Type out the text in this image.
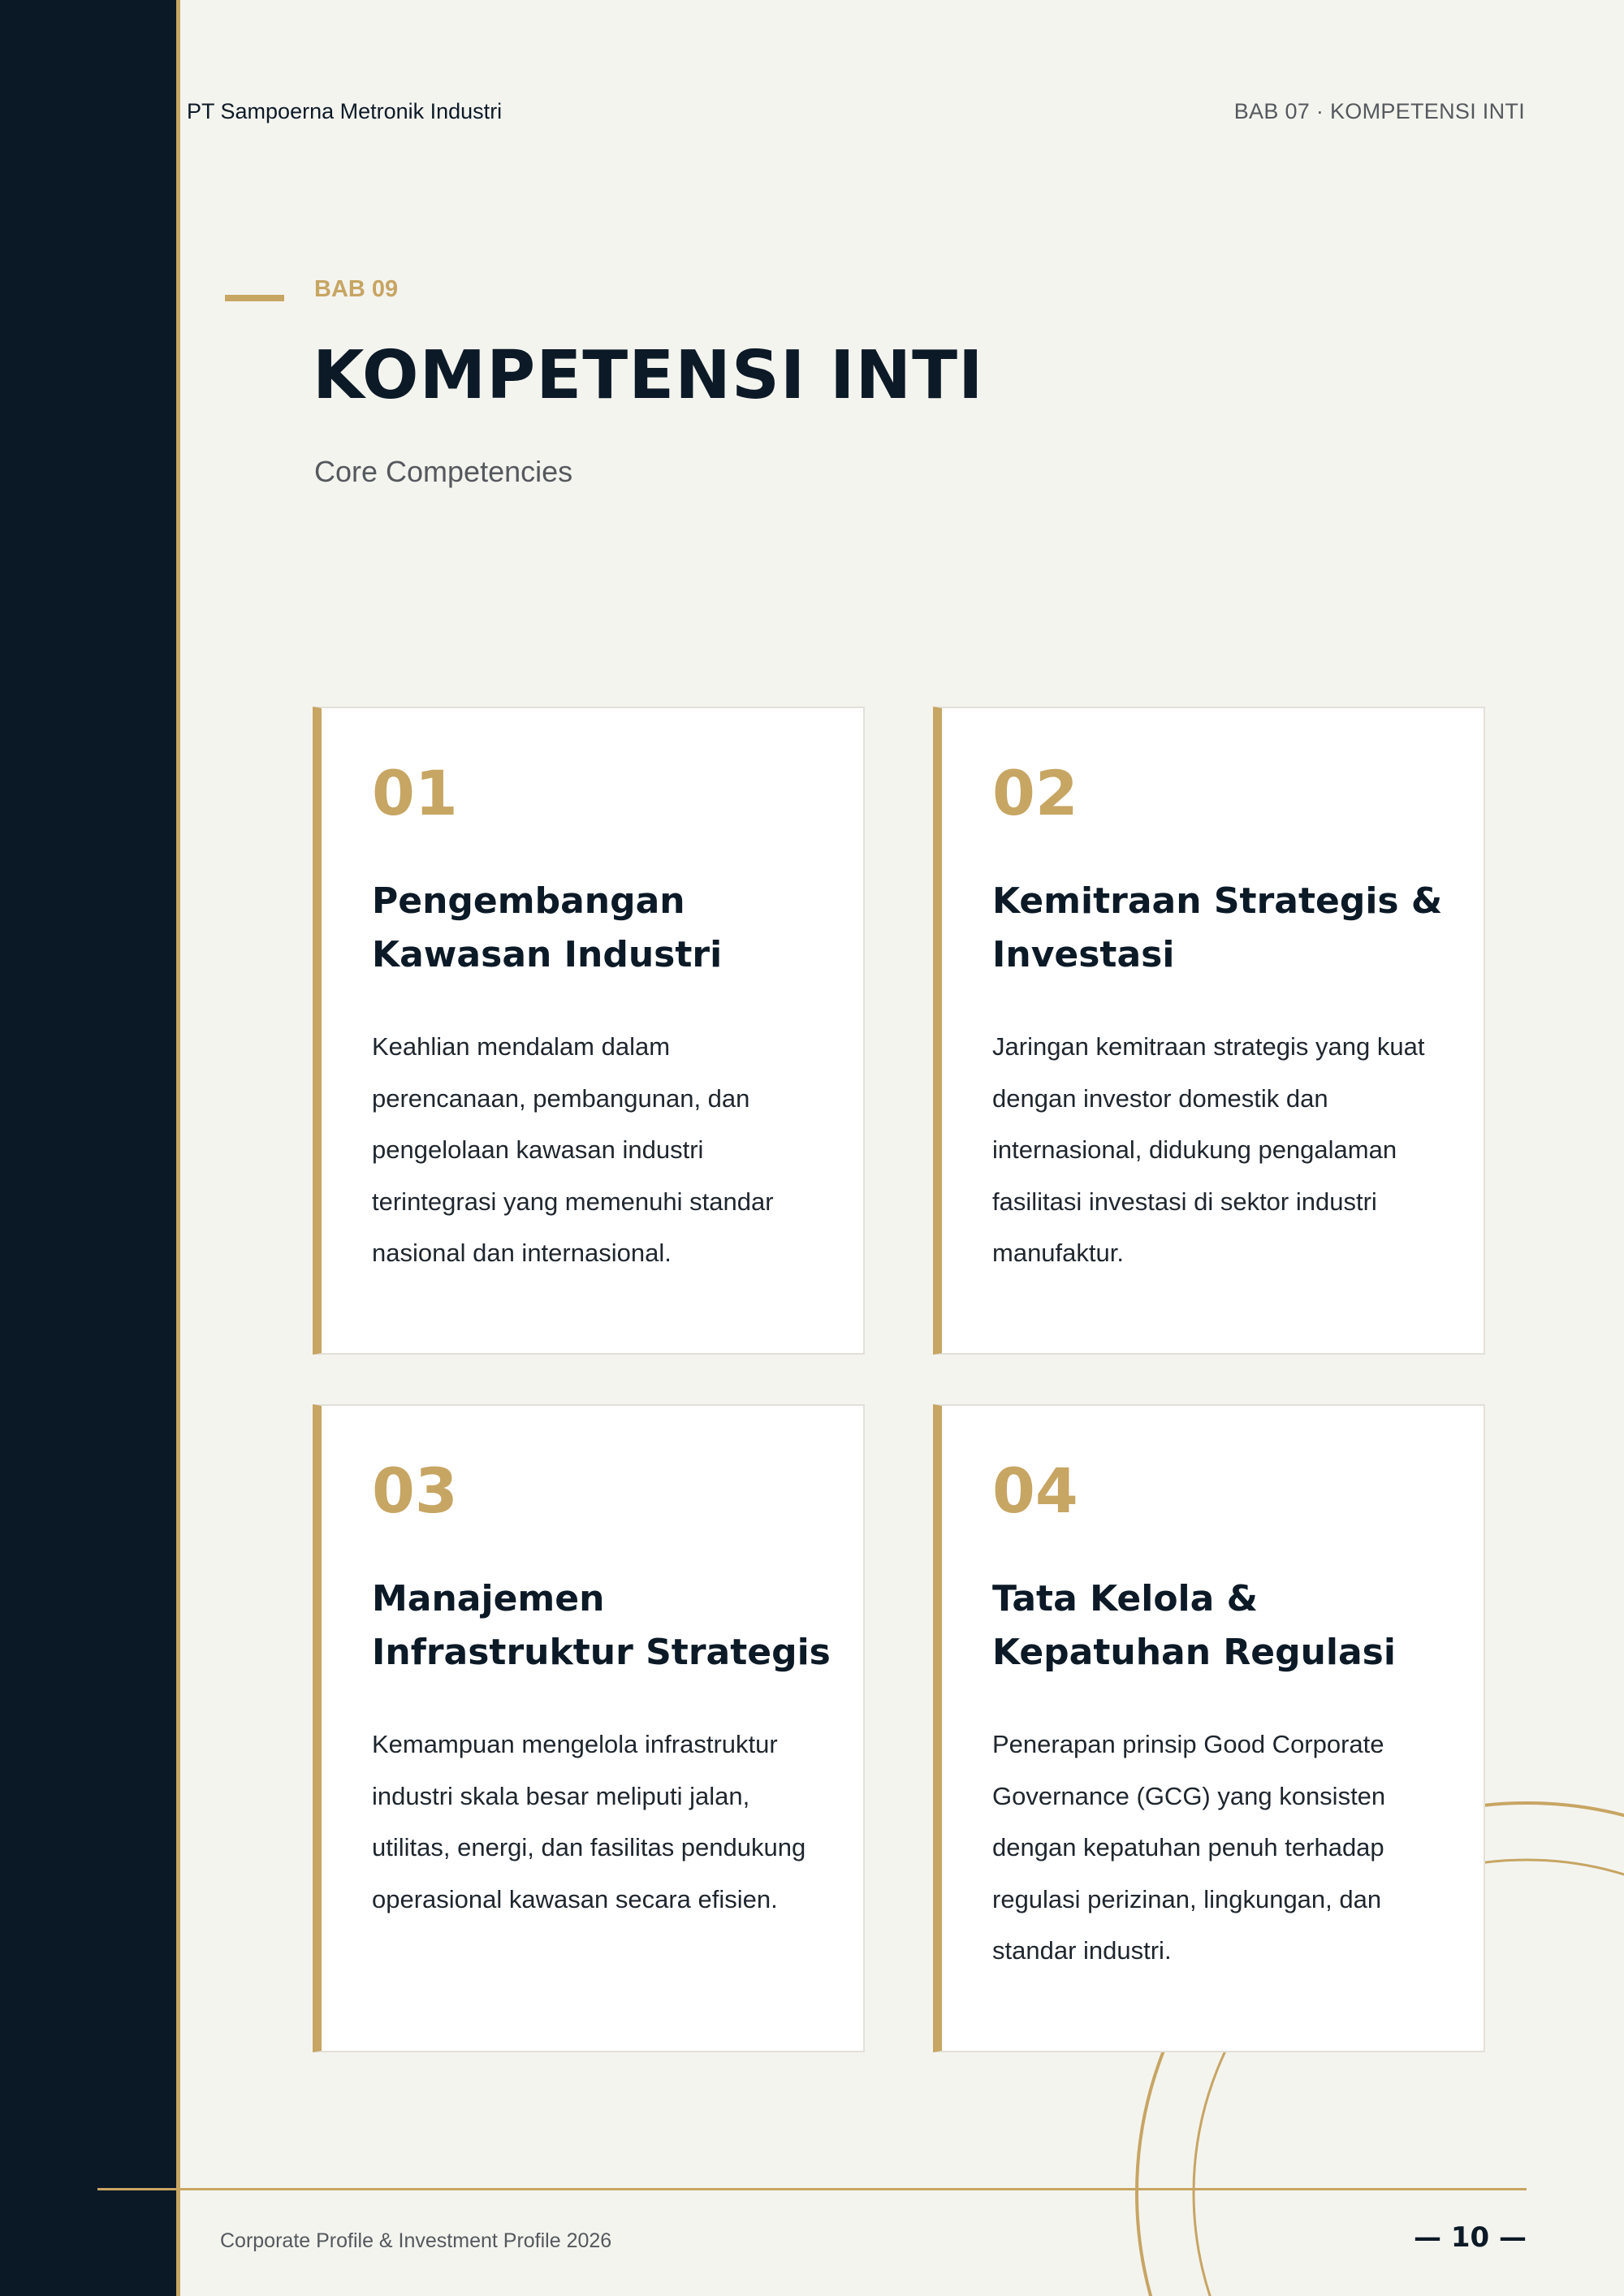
PT Sampoerna Metronik Industri	BAB 07 · KOMPETENSI INTI
BAB 09
KOMPETENSI INTI
Core Competencies
01
Pengembangan Kawasan Industri
Keahlian mendalam dalam perencanaan, pembangunan, dan pengelolaan kawasan industri terintegrasi yang memenuhi standar nasional dan internasional.
02
Kemitraan Strategis & Investasi
Jaringan kemitraan strategis yang kuat dengan investor domestik dan internasional, didukung pengalaman fasilitasi investasi di sektor industri manufaktur.
03
Manajemen Infrastruktur Strategis
Kemampuan mengelola infrastruktur industri skala besar meliputi jalan, utilitas, energi, dan fasilitas pendukung operasional kawasan secara efisien.
04
Tata Kelola & Kepatuhan Regulasi
Penerapan prinsip Good Corporate Governance (GCG) yang konsisten dengan kepatuhan penuh terhadap regulasi perizinan, lingkungan, dan standar industri.
Corporate Profile & Investment Profile 2026	— 10 —
